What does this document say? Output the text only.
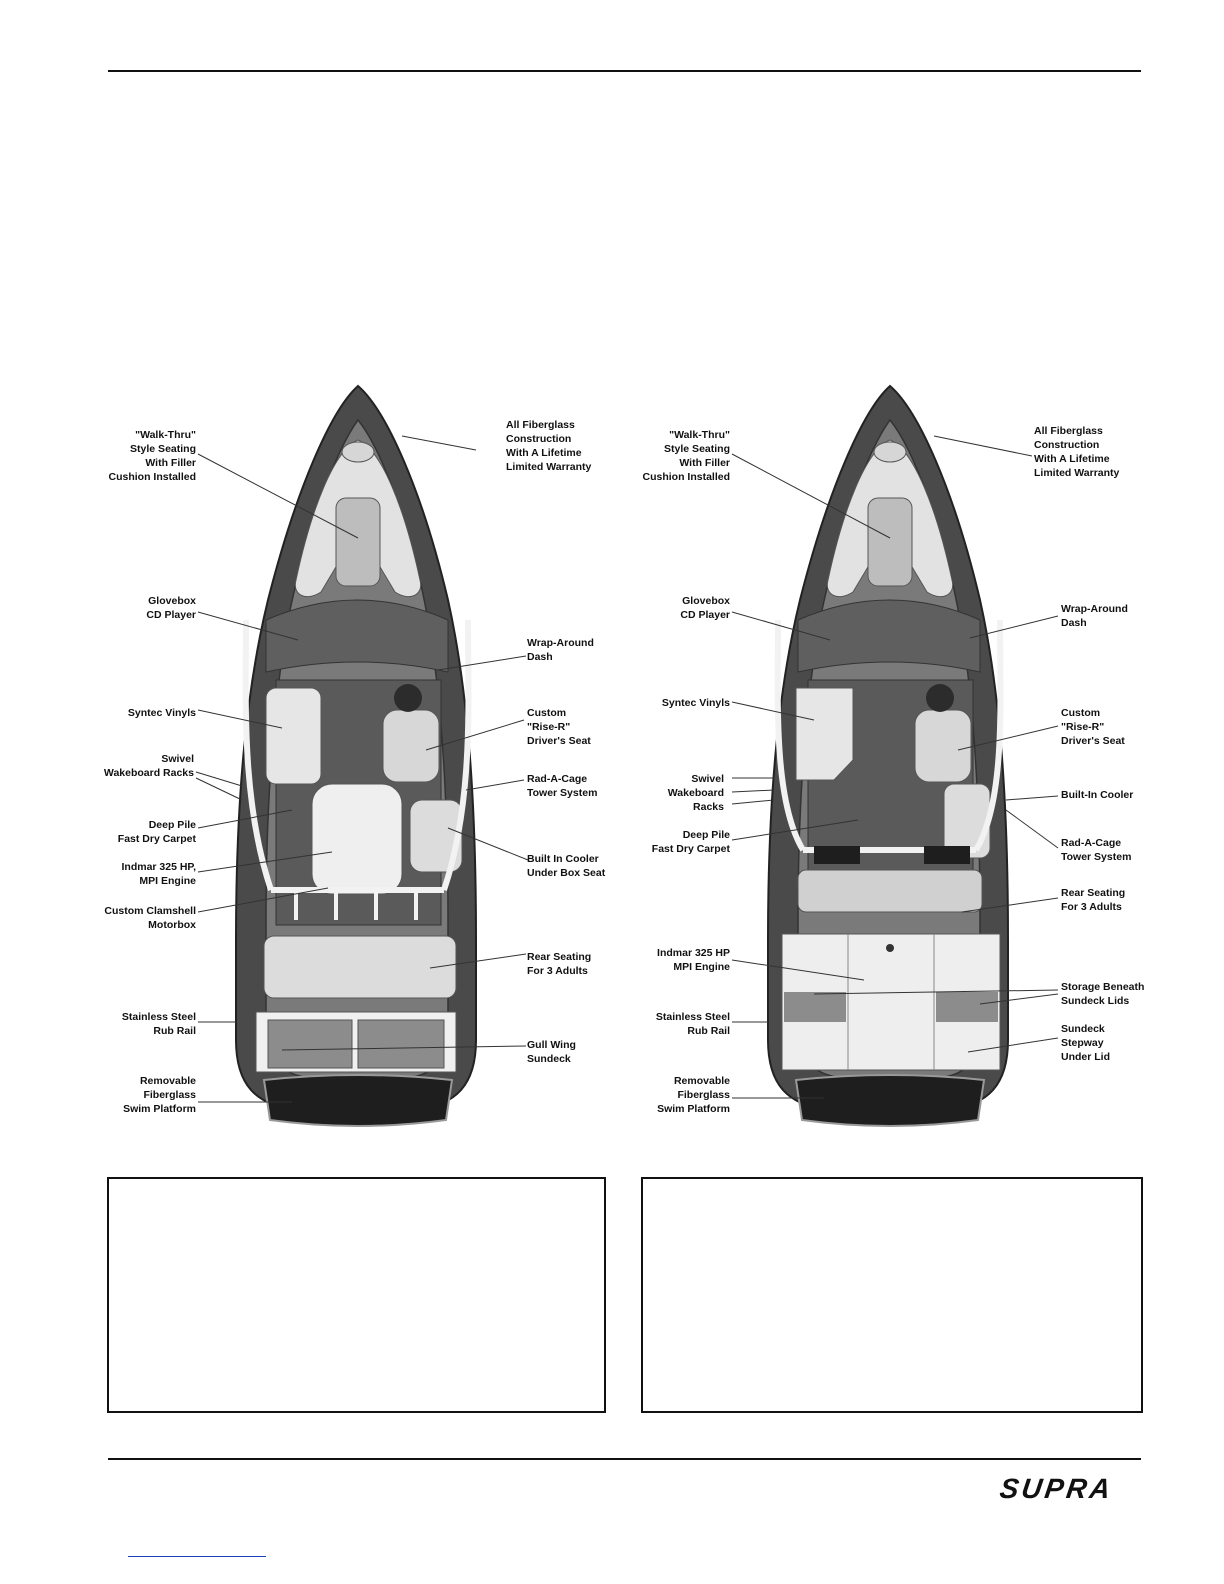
"Walk-Thru"
Style Seating
With Filler
Cushion Installed
All Fiberglass
Construction
With A Lifetime
Limited Warranty
Glovebox
CD Player
Wrap-Around
Dash
Syntec Vinyls	Custom
"Rise-R"
Driver's Seat
Swivel
Wakeboard Racks	Rad-A-Cage
Tower System
Deep Pile
Fast Dry Carpet
Built In Cooler
Under Box Seat
Indmar 325 HP,
MPI Engine
Custom Clamshell
Motorbox
Rear Seating
For 3 Adults
Stainless Steel
Rub Rail
Gull Wing
Sundeck
Removable
Fiberglass
Swim Platform
"Walk-Thru"
Style Seating
With Filler
Cushion Installed
All Fiberglass
Construction
With A Lifetime
Limited Warranty
Glovebox
CD Player	Wrap-Around
Dash
Syntec Vinyls
Custom
"Rise-R"
Driver's Seat
Swivel
Wakeboard
Racks
Built-In Cooler
Deep Pile
Fast Dry Carpet	Rad-A-Cage
Tower System
Rear Seating
For 3 Adults
Indmar 325 HP
MPI Engine
Storage Beneath
Sundeck Lids
Stainless Steel
Rub Rail	Sundeck
Stepway
Under Lid
Removable
Fiberglass
Swim Platform
SUPRA
